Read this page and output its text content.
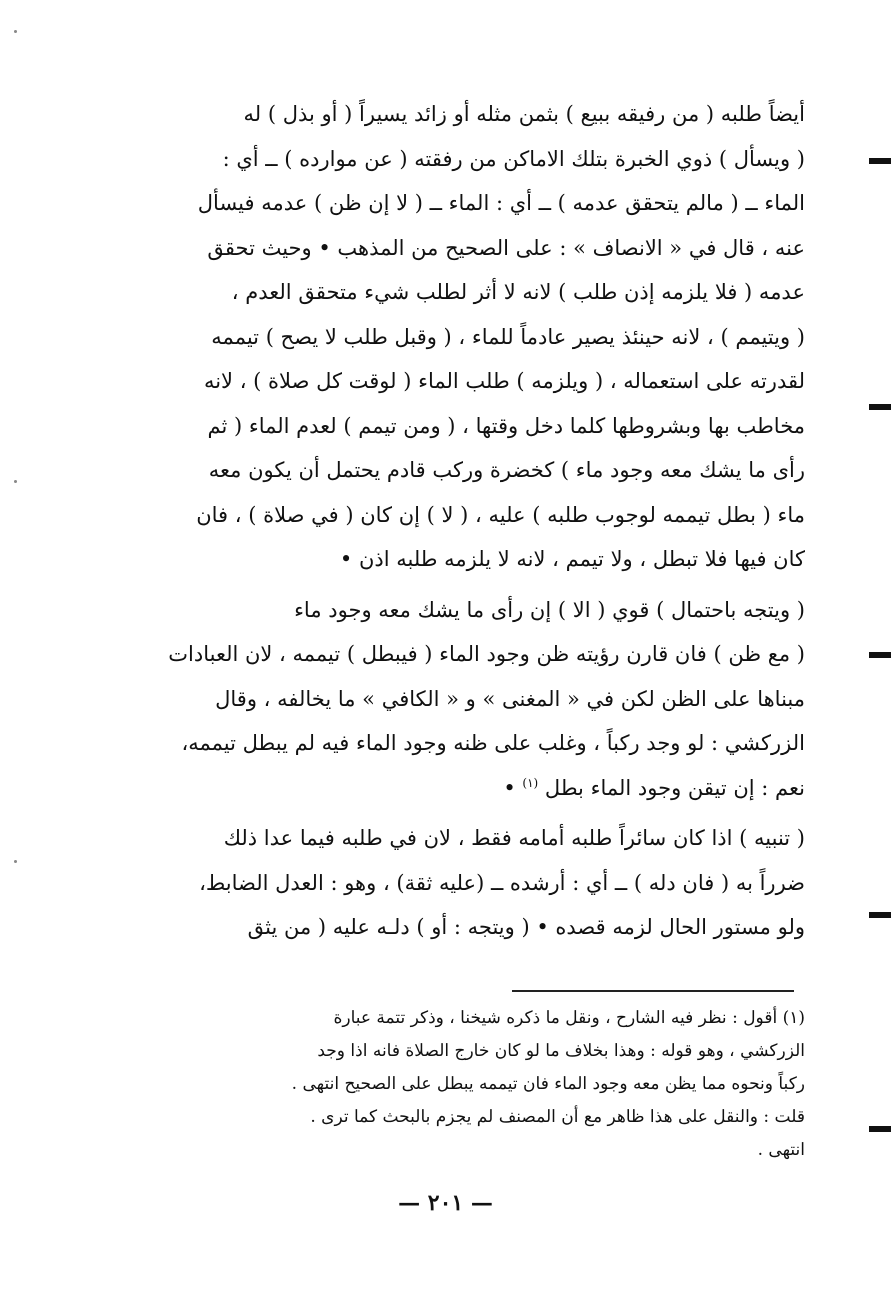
أيضاً طلبه ( من رفيقه ببيع ) بثمن مثله أو زائد يسيراً ( أو بذل ) له
( ويسأل ) ذوي الخبرة بتلك الاماكن من رفقته ( عن موارده ) ــ أي :
الماء ــ ( مالم يتحقق عدمه ) ــ أي : الماء ــ ( لا إن ظن ) عدمه فيسأل
عنه ، قال في « الانصاف » : على الصحيح من المذهب • وحيث تحقق
عدمه ( فلا يلزمه إذن طلب ) لانه لا أثر لطلب شيء متحقق العدم ،
( ويتيمم ) ، لانه حينئذ يصير عادماً للماء ، ( وقبل طلب لا يصح ) تيممه
لقدرته على استعماله ، ( ويلزمه ) طلب الماء ( لوقت كل صلاة ) ، لانه
مخاطب بها وبشروطها كلما دخل وقتها ، ( ومن تيمم ) لعدم الماء ( ثم
رأى ما يشك معه وجود ماء ) كخضرة وركب قادم يحتمل أن يكون معه
ماء ( بطل تيممه لوجوب طلبه ) عليه ، ( لا ) إن كان ( في صلاة ) ، فان
كان فيها فلا تبطل ، ولا تيمم ، لانه لا يلزمه طلبه اذن •
( ويتجه باحتمال ) قوي ( الا ) إن رأى ما يشك معه وجود ماء
( مع ظن ) فان قارن رؤيته ظن وجود الماء ( فيبطل ) تيممه ، لان العبادات
مبناها على الظن لكن في « المغنى » و « الكافي » ما يخالفه ، وقال
الزركشي : لو وجد ركباً ، وغلب على ظنه وجود الماء فيه لم يبطل تيممه،
نعم : إن تيقن وجود الماء بطل $^{(١)}$ •
( تنبيه ) اذا كان سائراً طلبه أمامه فقط ، لان في طلبه فيما عدا ذلك
ضرراً به ( فان دله ) ــ أي : أرشده ــ (عليه ثقة) ، وهو : العدل الضابط،
ولو مستور الحال لزمه قصده • ( ويتجه : أو ) دلـه عليه ( من يثق
(١) أقول : نظر فيه الشارح ، ونقل ما ذكره شيخنا ، وذكر تتمة عبارة
الزركشي ، وهو قوله : وهذا بخلاف ما لو كان خارج الصلاة فانه اذا وجد
ركباً ونحوه مما يظن معه وجود الماء فان تيممه يبطل على الصحيح انتهى .
قلت : والنقل على هذا ظاهر مع أن المصنف لم يجزم بالبحث كما ترى .
انتهى .
— ٢٠١ —
